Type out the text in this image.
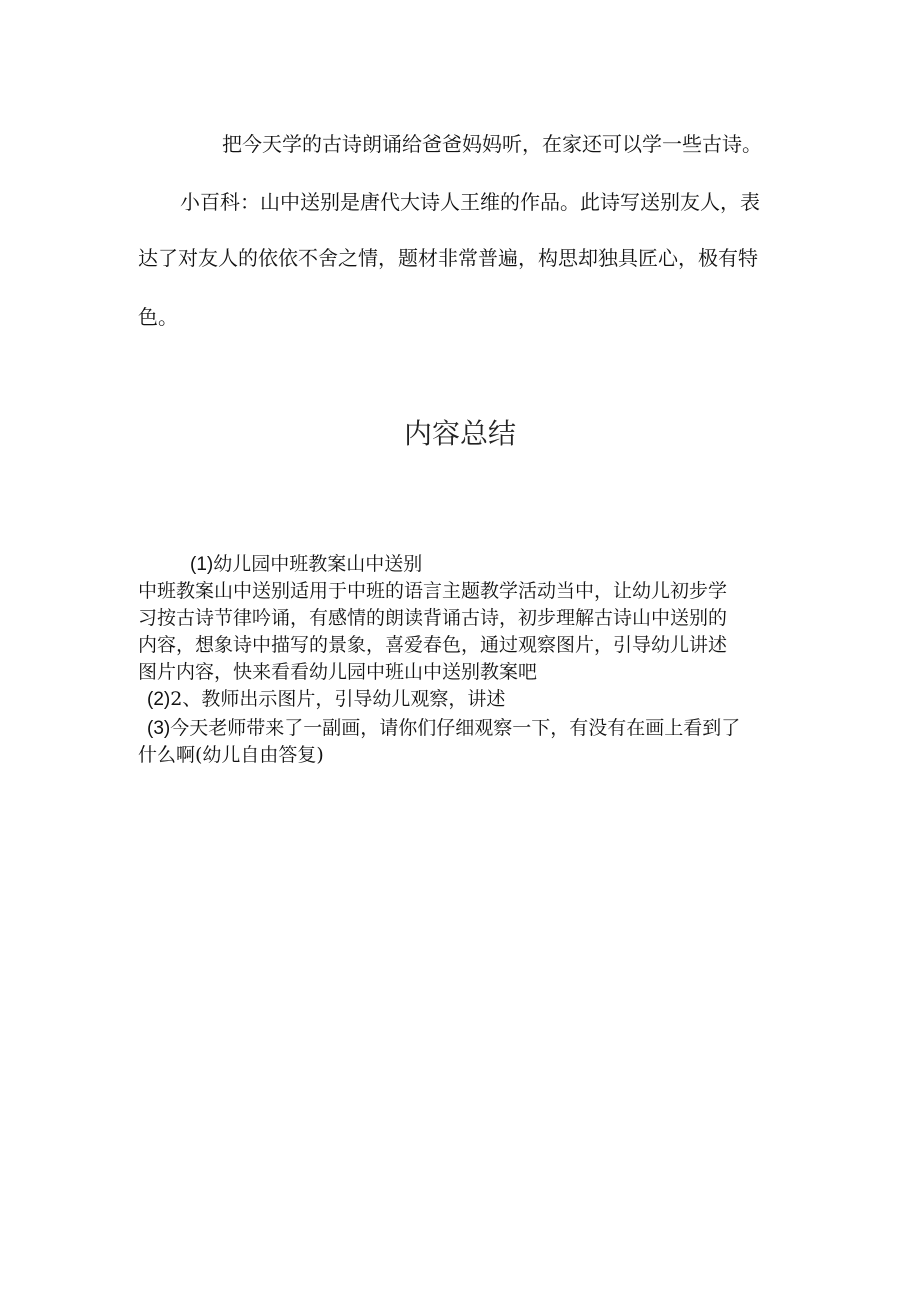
把今天学的古诗朗诵给爸爸妈妈听，在家还可以学一些古诗。
小百科：山中送别是唐代大诗人王维的作品。此诗写送别友人，表
达了对友人的依依不舍之情，题材非常普遍，构思却独具匠心，极有特
色。
内容总结
(1)幼儿园中班教案山中送别
中班教案山中送别适用于中班的语言主题教学活动当中，让幼儿初步学
习按古诗节律吟诵，有感情的朗读背诵古诗，初步理解古诗山中送别的
内容，想象诗中描写的景象，喜爱春色，通过观察图片，引导幼儿讲述
图片内容，快来看看幼儿园中班山中送别教案吧
(2)2、教师出示图片，引导幼儿观察，讲述
(3)今天老师带来了一副画，请你们仔细观察一下，有没有在画上看到了
什么啊(幼儿自由答复)
